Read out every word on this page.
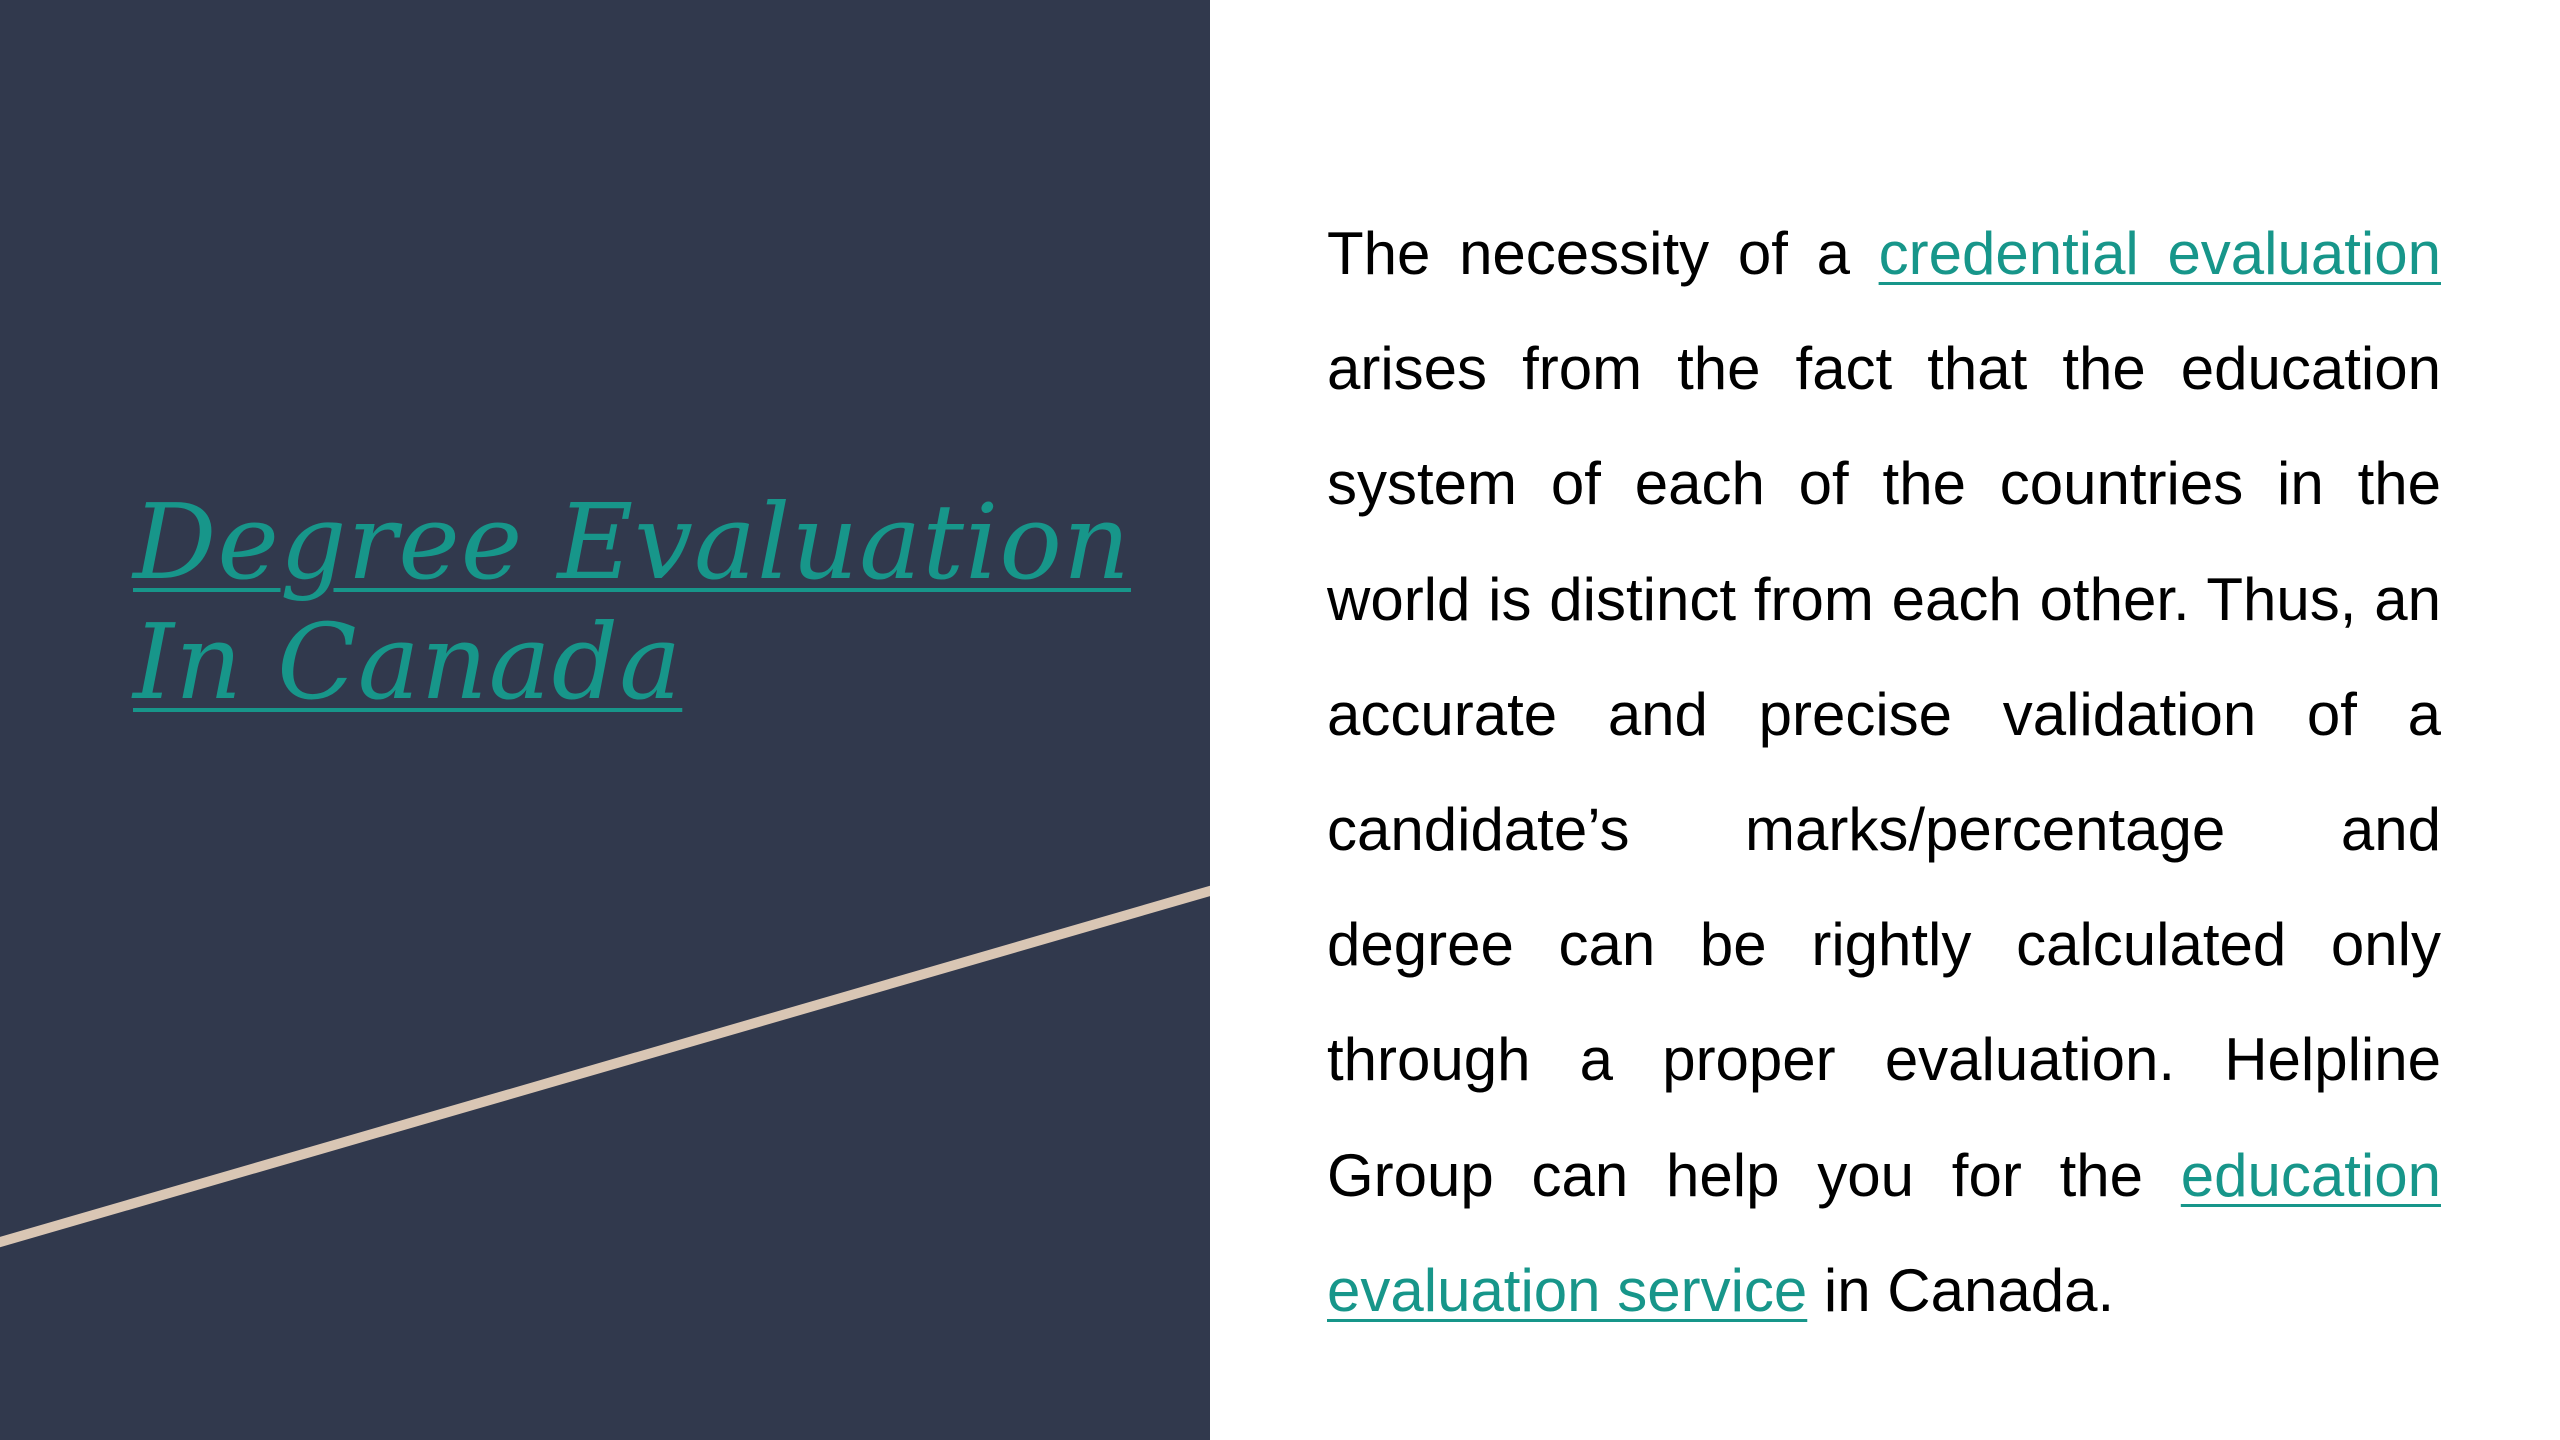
Degree Evaluation
In Canada

The necessity of a credential evaluation arises from the fact that the education system of each of the countries in the world is distinct from each other. Thus, an accurate and precise validation of a candidate’s marks/percentage and degree can be rightly calculated only through a proper evaluation. Helpline Group can help you for the education evaluation service in Canada.
